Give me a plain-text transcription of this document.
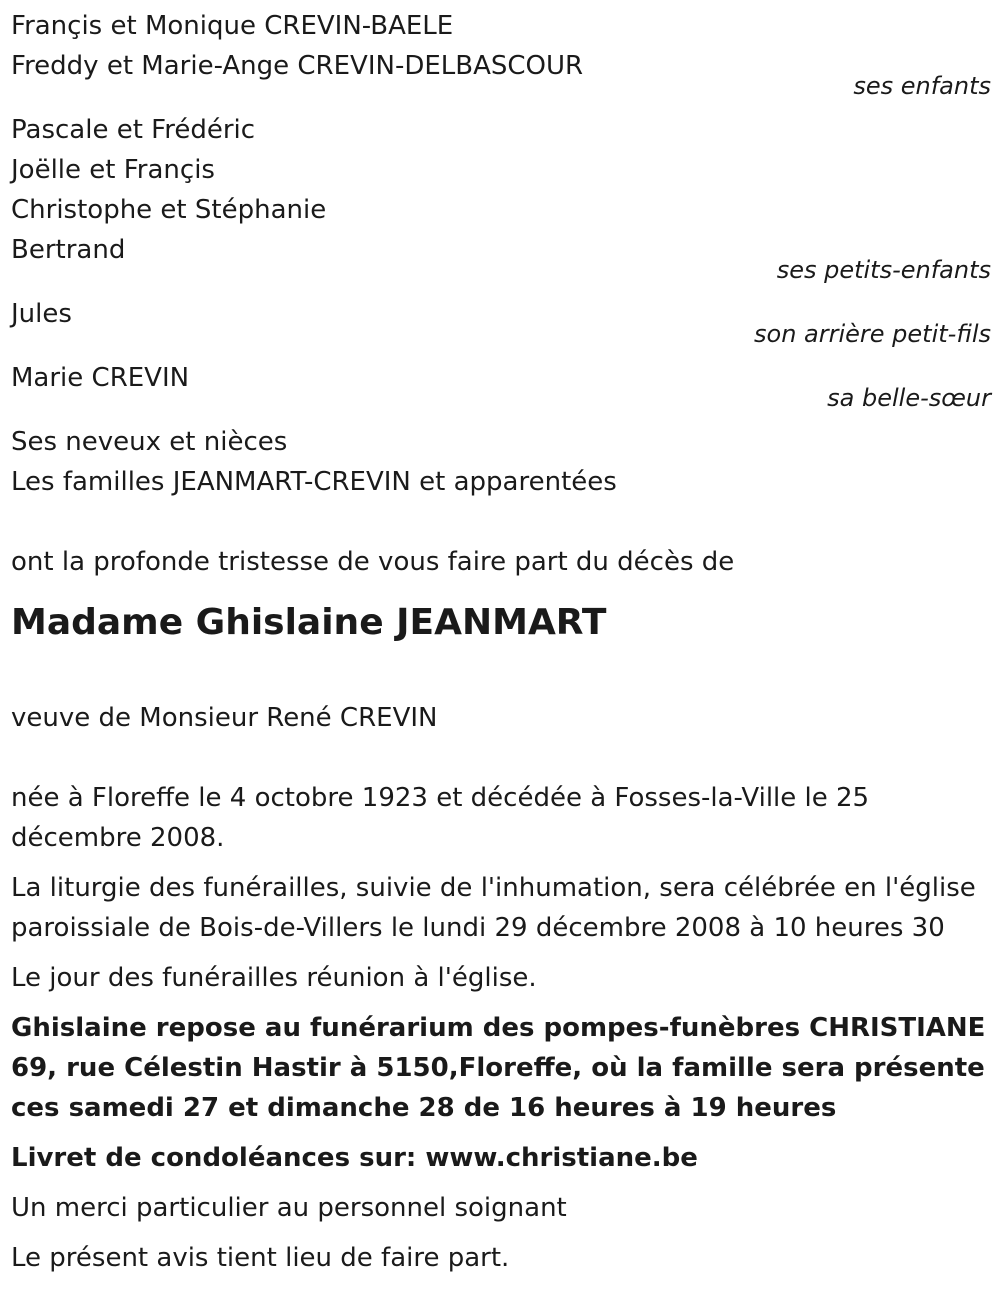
Françis et Monique CREVIN-BAELE
Freddy et Marie-Ange CREVIN-DELBASCOUR
ses enfants
Pascale et Frédéric
Joëlle et Françis
Christophe et Stéphanie
Bertrand
ses petits-enfants
Jules
son arrière petit-fils
Marie CREVIN
sa belle-sœur
Ses neveux et nièces
Les familles JEANMART-CREVIN et apparentées
ont la profonde tristesse de vous faire part du décès de
Madame Ghislaine JEANMART
veuve de Monsieur René CREVIN
née à Floreffe le 4 octobre 1923 et décédée à Fosses-la-Ville le 25 décembre 2008.
La liturgie des funérailles, suivie de l'inhumation, sera célébrée en l'église paroissiale de Bois-de-Villers le lundi 29 décembre 2008 à 10 heures 30
Le jour des funérailles réunion à l'église.
Ghislaine repose au funérarium des pompes-funèbres CHRISTIANE 69, rue Célestin Hastir à 5150,Floreffe, où la famille sera présente ces samedi 27 et dimanche 28 de 16 heures à 19 heures
Livret de condoléances sur: www.christiane.be
Un merci particulier au personnel soignant
Le présent avis tient lieu de faire part.
